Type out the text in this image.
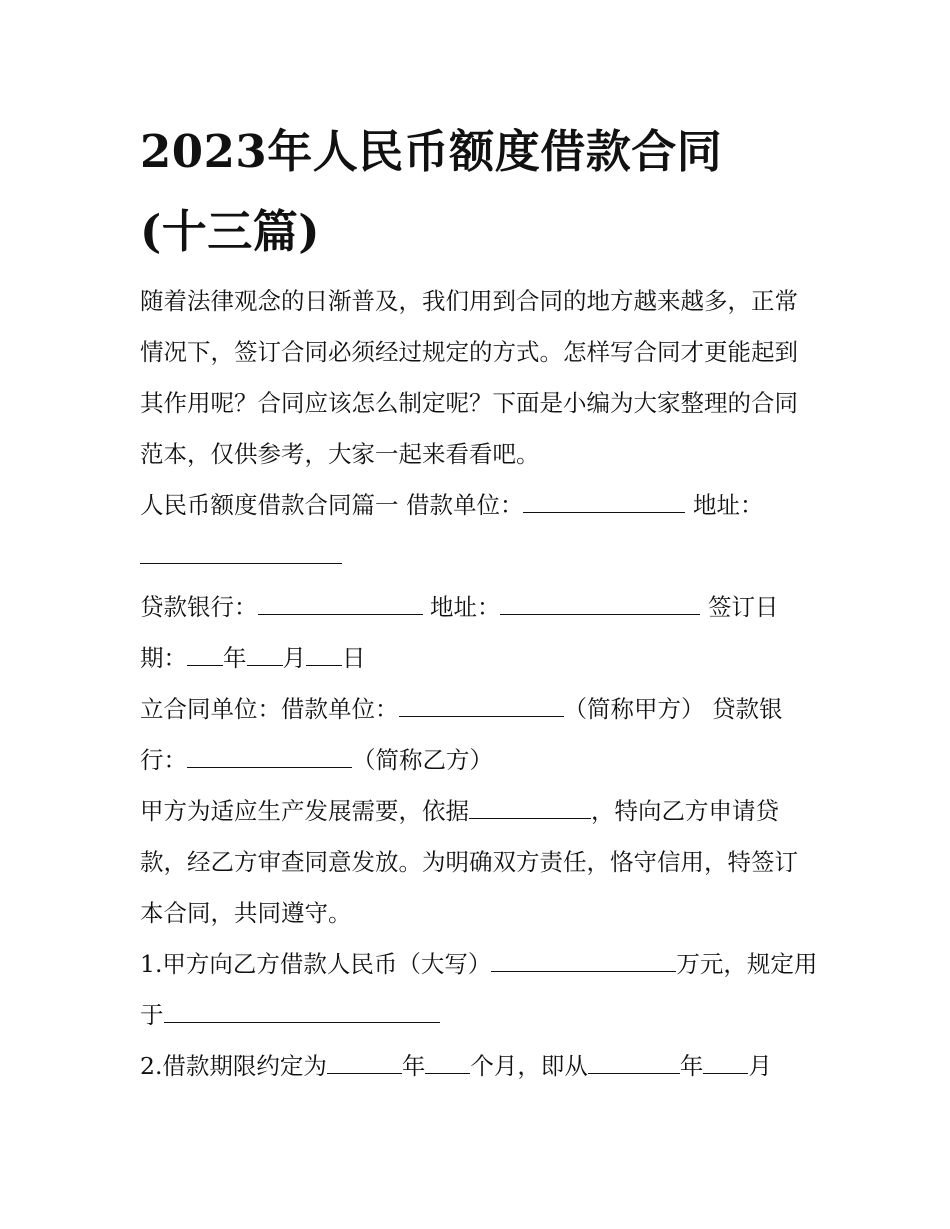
2023年人民币额度借款合同
(十三篇)

随着法律观念的日渐普及，我们用到合同的地方越来越多，正常情况下，签订合同必须经过规定的方式。怎样写合同才更能起到其作用呢？合同应该怎么制定呢？下面是小编为大家整理的合同范本，仅供参考，大家一起来看看吧。

人民币额度借款合同篇一 借款单位：	地址：

贷款银行：	地址：	签订日期： 年 月 日

立合同单位：借款单位：	（简称甲方） 贷款银行：	（简称乙方）

甲方为适应生产发展需要，依据	，特向乙方申请贷款，经乙方审查同意发放。为明确双方责任，恪守信用，特签订本合同，共同遵守。

1.甲方向乙方借款人民币（大写）	万元，规定用于

2.借款期限约定为	年 个月，即从	年 月
